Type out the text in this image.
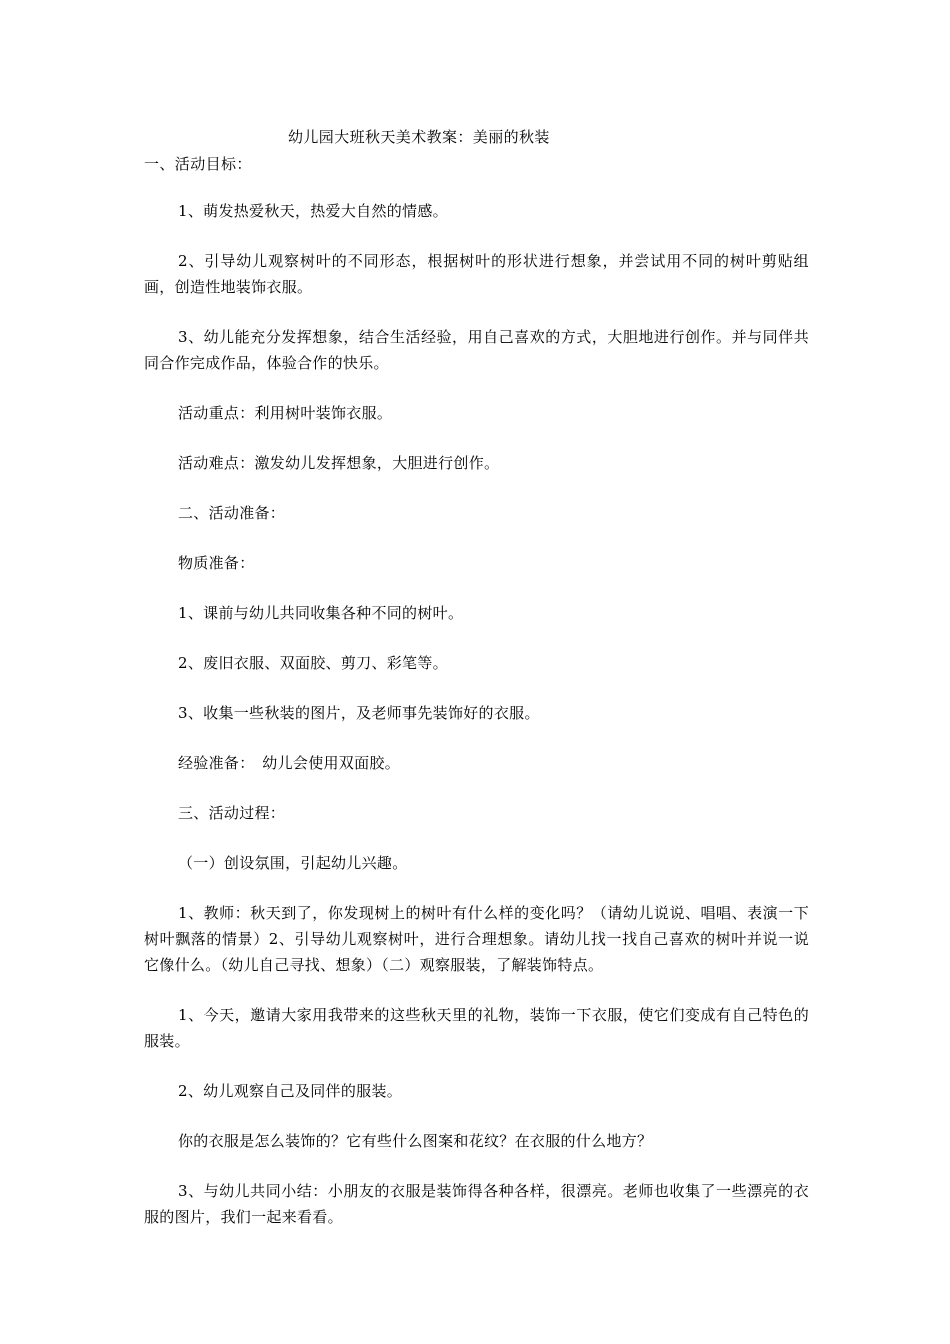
幼儿园大班秋天美术教案：美丽的秋装
一、活动目标：

1、萌发热爱秋天，热爱大自然的情感。

2、引导幼儿观察树叶的不同形态，根据树叶的形状进行想象，并尝试用不同的树叶剪贴组画，创造性地装饰衣服。

3、幼儿能充分发挥想象，结合生活经验，用自己喜欢的方式，大胆地进行创作。并与同伴共同合作完成作品，体验合作的快乐。

活动重点：利用树叶装饰衣服。

活动难点：激发幼儿发挥想象，大胆进行创作。

二、活动准备：

物质准备：

1、课前与幼儿共同收集各种不同的树叶。

2、废旧衣服、双面胶、剪刀、彩笔等。

3、收集一些秋装的图片，及老师事先装饰好的衣服。

经验准备：　幼儿会使用双面胶。

三、活动过程：

（一）创设氛围，引起幼儿兴趣。

1、教师：秋天到了，你发现树上的树叶有什么样的变化吗？（请幼儿说说、唱唱、表演一下树叶飘落的情景）2、引导幼儿观察树叶，进行合理想象。请幼儿找一找自己喜欢的树叶并说一说它像什么。（幼儿自己寻找、想象）（二）观察服装，了解装饰特点。

1、今天，邀请大家用我带来的这些秋天里的礼物，装饰一下衣服，使它们变成有自己特色的服装。

2、幼儿观察自己及同伴的服装。

你的衣服是怎么装饰的？它有些什么图案和花纹？在衣服的什么地方？

3、与幼儿共同小结：小朋友的衣服是装饰得各种各样，很漂亮。老师也收集了一些漂亮的衣服的图片，我们一起来看看。
